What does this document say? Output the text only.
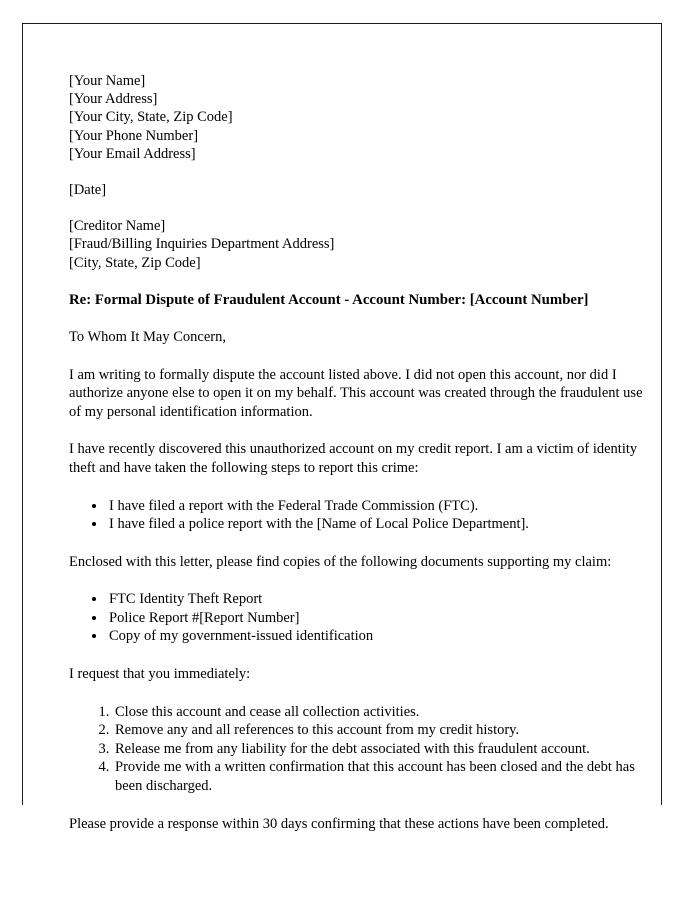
[Your Name]
[Your Address]
[Your City, State, Zip Code]
[Your Phone Number]
[Your Email Address]
[Date]
[Creditor Name]
[Fraud/Billing Inquiries Department Address]
[City, State, Zip Code]
Re: Formal Dispute of Fraudulent Account - Account Number: [Account Number]
To Whom It May Concern,

I am writing to formally dispute the account listed above. I did not open this account, nor did I authorize anyone else to open it on my behalf. This account was created through the fraudulent use of my personal identification information.

I have recently discovered this unauthorized account on my credit report. I am a victim of identity theft and have taken the following steps to report this crime:

• I have filed a report with the Federal Trade Commission (FTC).
• I have filed a police report with the [Name of Local Police Department].

Enclosed with this letter, please find copies of the following documents supporting my claim:

• FTC Identity Theft Report
• Police Report #[Report Number]
• Copy of my government-issued identification

I request that you immediately:

1. Close this account and cease all collection activities.
2. Remove any and all references to this account from my credit history.
3. Release me from any liability for the debt associated with this fraudulent account.
4. Provide me with a written confirmation that this account has been closed and the debt has been discharged.

Please provide a response within 30 days confirming that these actions have been completed.
